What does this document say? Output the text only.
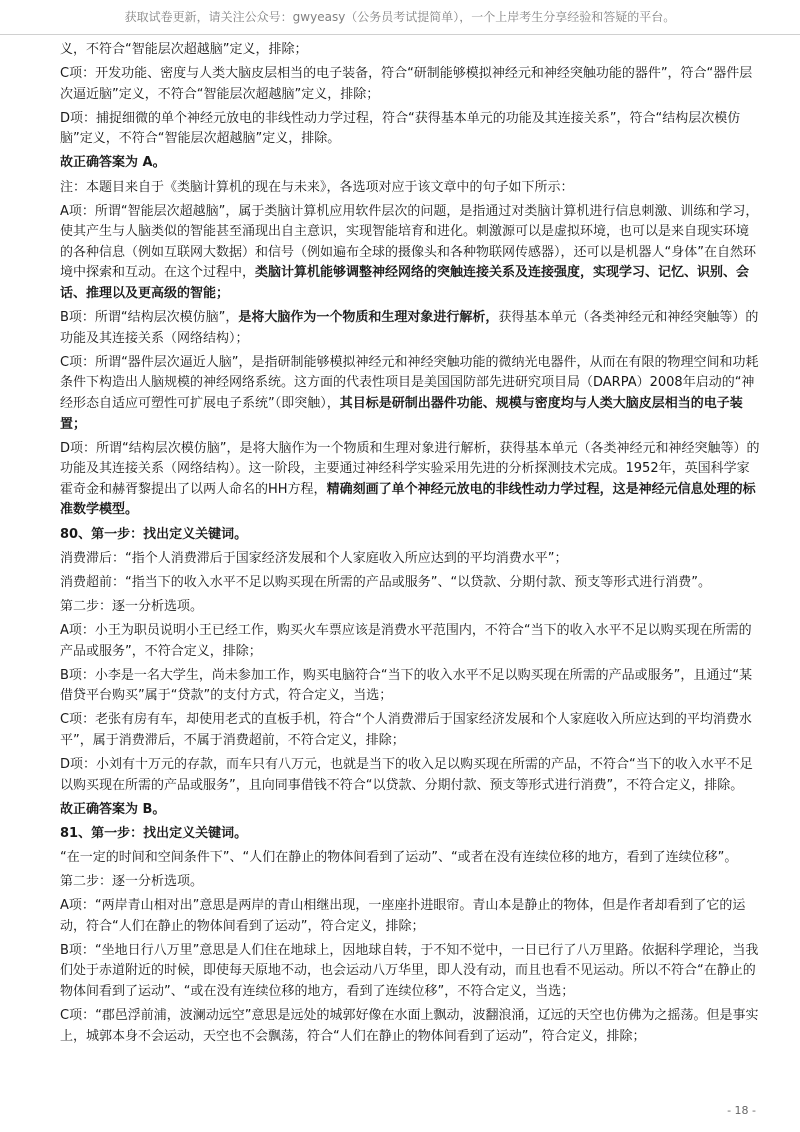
获取试卷更新，请关注公众号：gwyeasy（公务员考试提简单），一个上岸考生分享经验和答疑的平台。

义，不符合“智能层次超越脑”定义，排除；

C项：开发功能、密度与人类大脑皮层相当的电子装备，符合“研制能够模拟神经元和神经突触功能的器件”，符合“器件层次逼近脑”定义，不符合“智能层次超越脑”定义，排除；

D项：捕捉细微的单个神经元放电的非线性动力学过程，符合“获得基本单元的功能及其连接关系”，符合“结构层次模仿脑”定义，不符合“智能层次超越脑”定义，排除。

故正确答案为 A。

注：本题目来自于《类脑计算机的现在与未来》，各选项对应于该文章中的句子如下所示：

A项：所谓“智能层次超越脑”，属于类脑计算机应用软件层次的问题，是指通过对类脑计算机进行信息刺激、训练和学习，使其产生与人脑类似的智能甚至涌现出自主意识，实现智能培育和进化。刺激源可以是虚拟环境，也可以是来自现实环境的各种信息（例如互联网大数据）和信号（例如遍布全球的摄像头和各种物联网传感器），还可以是机器人“身体”在自然环境中探索和互动。在这个过程中，类脑计算机能够调整神经网络的突触连接关系及连接强度，实现学习、记忆、识别、会话、推理以及更高级的智能；

B项：所谓“结构层次模仿脑”，是将大脑作为一个物质和生理对象进行解析，获得基本单元（各类神经元和神经突触等）的功能及其连接关系（网络结构）；

C项：所谓“器件层次逼近人脑”，是指研制能够模拟神经元和神经突触功能的微纳光电器件，从而在有限的物理空间和功耗条件下构造出人脑规模的神经网络系统。这方面的代表性项目是美国国防部先进研究项目局（DARPA）2008年启动的“神经形态自适应可塑性可扩展电子系统”（即突触），其目标是研制出器件功能、规模与密度均与人类大脑皮层相当的电子装置；

D项：所谓“结构层次模仿脑”，是将大脑作为一个物质和生理对象进行解析，获得基本单元（各类神经元和神经突触等）的功能及其连接关系（网络结构）。这一阶段，主要通过神经科学实验采用先进的分析探测技术完成。1952年，英国科学家霍奇金和赫胥黎提出了以两人命名的HH方程，精确刻画了单个神经元放电的非线性动力学过程，这是神经元信息处理的标准数学模型。

80、第一步：找出定义关键词。

消费滞后：“指个人消费滞后于国家经济发展和个人家庭收入所应达到的平均消费水平”；

消费超前：“指当下的收入水平不足以购买现在所需的产品或服务”、“以贷款、分期付款、预支等形式进行消费”。

第二步：逐一分析选项。

A项：小王为职员说明小王已经工作，购买火车票应该是消费水平范围内，不符合“当下的收入水平不足以购买现在所需的产品或服务”，不符合定义，排除；

B项：小李是一名大学生，尚未参加工作，购买电脑符合“当下的收入水平不足以购买现在所需的产品或服务”，且通过“某借贷平台购买”属于“贷款”的支付方式，符合定义，当选；

C项：老张有房有车，却使用老式的直板手机，符合“个人消费滞后于国家经济发展和个人家庭收入所应达到的平均消费水平”，属于消费滞后，不属于消费超前，不符合定义，排除；

D项：小刘有十万元的存款，而车只有八万元，也就是当下的收入足以购买现在所需的产品，不符合“当下的收入水平不足以购买现在所需的产品或服务”，且向同事借钱不符合“以贷款、分期付款、预支等形式进行消费”，不符合定义，排除。

故正确答案为 B。

81、第一步：找出定义关键词。

“在一定的时间和空间条件下”、“人们在静止的物体间看到了运动”、“或者在没有连续位移的地方，看到了连续位移”。

第二步：逐一分析选项。

A项：“两岸青山相对出”意思是两岸的青山相继出现，一座座扑进眼帘。青山本是静止的物体，但是作者却看到了它的运动，符合“人们在静止的物体间看到了运动”，符合定义，排除；

B项：“坐地日行八万里”意思是人们住在地球上，因地球自转，于不知不觉中，一日已行了八万里路。依据科学理论，当我们处于赤道附近的时候，即使每天原地不动，也会运动八万华里，即人没有动，而且也看不见运动。所以不符合“在静止的物体间看到了运动”、“或在没有连续位移的地方，看到了连续位移”，不符合定义，当选；

C项：“郡邑浮前浦，波澜动远空”意思是远处的城郭好像在水面上飘动，波翻浪涌，辽远的天空也仿佛为之摇荡。但是事实上，城郭本身不会运动，天空也不会飘荡，符合“人们在静止的物体间看到了运动”，符合定义，排除；

- 18 -
